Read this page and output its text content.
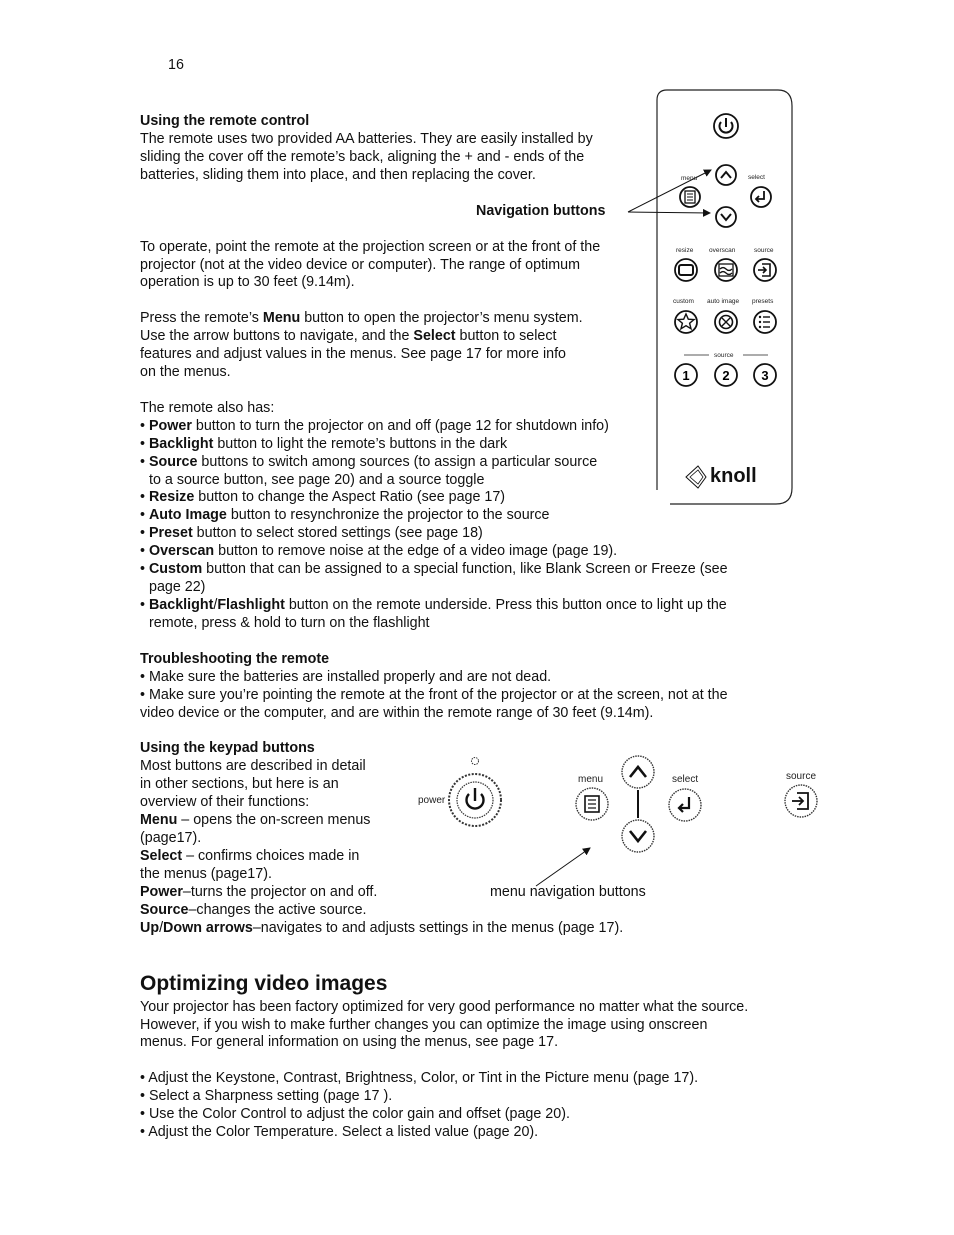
16
Using the remote control
The remote uses two provided AA batteries. They are easily installed by
sliding the cover off the remote’s back, aligning the + and - ends of the
batteries, sliding them into place, and then replacing the cover.
Navigation buttons
To operate, point the remote at the projection screen or at the front of the
projector (not at the video device or computer). The range of optimum
operation is up to 30 feet (9.14m).
Press the remote’s Menu button to open the projector’s menu system.
Use the arrow buttons to navigate, and the Select button to select
features and adjust values in the menus. See page 17 for more info
on the menus.
The remote also has:
• Power button to turn the projector on and off (page 12 for shutdown info)
• Backlight button to light the remote’s buttons in the dark
• Source buttons to switch among sources (to assign a particular source
to a source button, see page 20) and a source toggle
• Resize button to change the Aspect Ratio (see page 17)
• Auto Image button to resynchronize the projector to the source
• Preset button to select stored settings (see page 18)
• Overscan button to remove noise at the edge of a video image (page 19).
• Custom button that can be assigned to a special function, like Blank Screen or Freeze (see
page 22)
• Backlight/Flashlight button on the remote underside. Press this button once to light up the
remote, press & hold to turn on the flashlight
menu	select
resize overscan	source
custom auto image presets
source
1	2 3
knoll
Troubleshooting the remote
• Make sure the batteries are installed properly and are not dead.
• Make sure you’re pointing the remote at the front of the projector or at the screen, not at the
video device or the computer, and are within the remote range of 30 feet (9.14m).
Using the keypad buttons
Most buttons are described in detail
in other sections, but here is an
overview of their functions:
Menu – opens the on-screen menus
(page17).
Select – confirms choices made in
the menus (page17).
Power–turns the projector on and off.
Source–changes the active source.
Up/Down arrows–navigates to and adjusts settings in the menus (page 17).
power
menu	select	source
menu navigation buttons
Optimizing video images
Your projector has been factory optimized for very good performance no matter what the source.
However, if you wish to make further changes you can optimize the image using onscreen
menus. For general information on using the menus, see page 17.
• Adjust the Keystone, Contrast, Brightness, Color, or Tint in the Picture menu (page 17).
• Select a Sharpness setting (page 17 ).
• Use the Color Control to adjust the color gain and offset (page 20).
• Adjust the Color Temperature. Select a listed value (page 20).
